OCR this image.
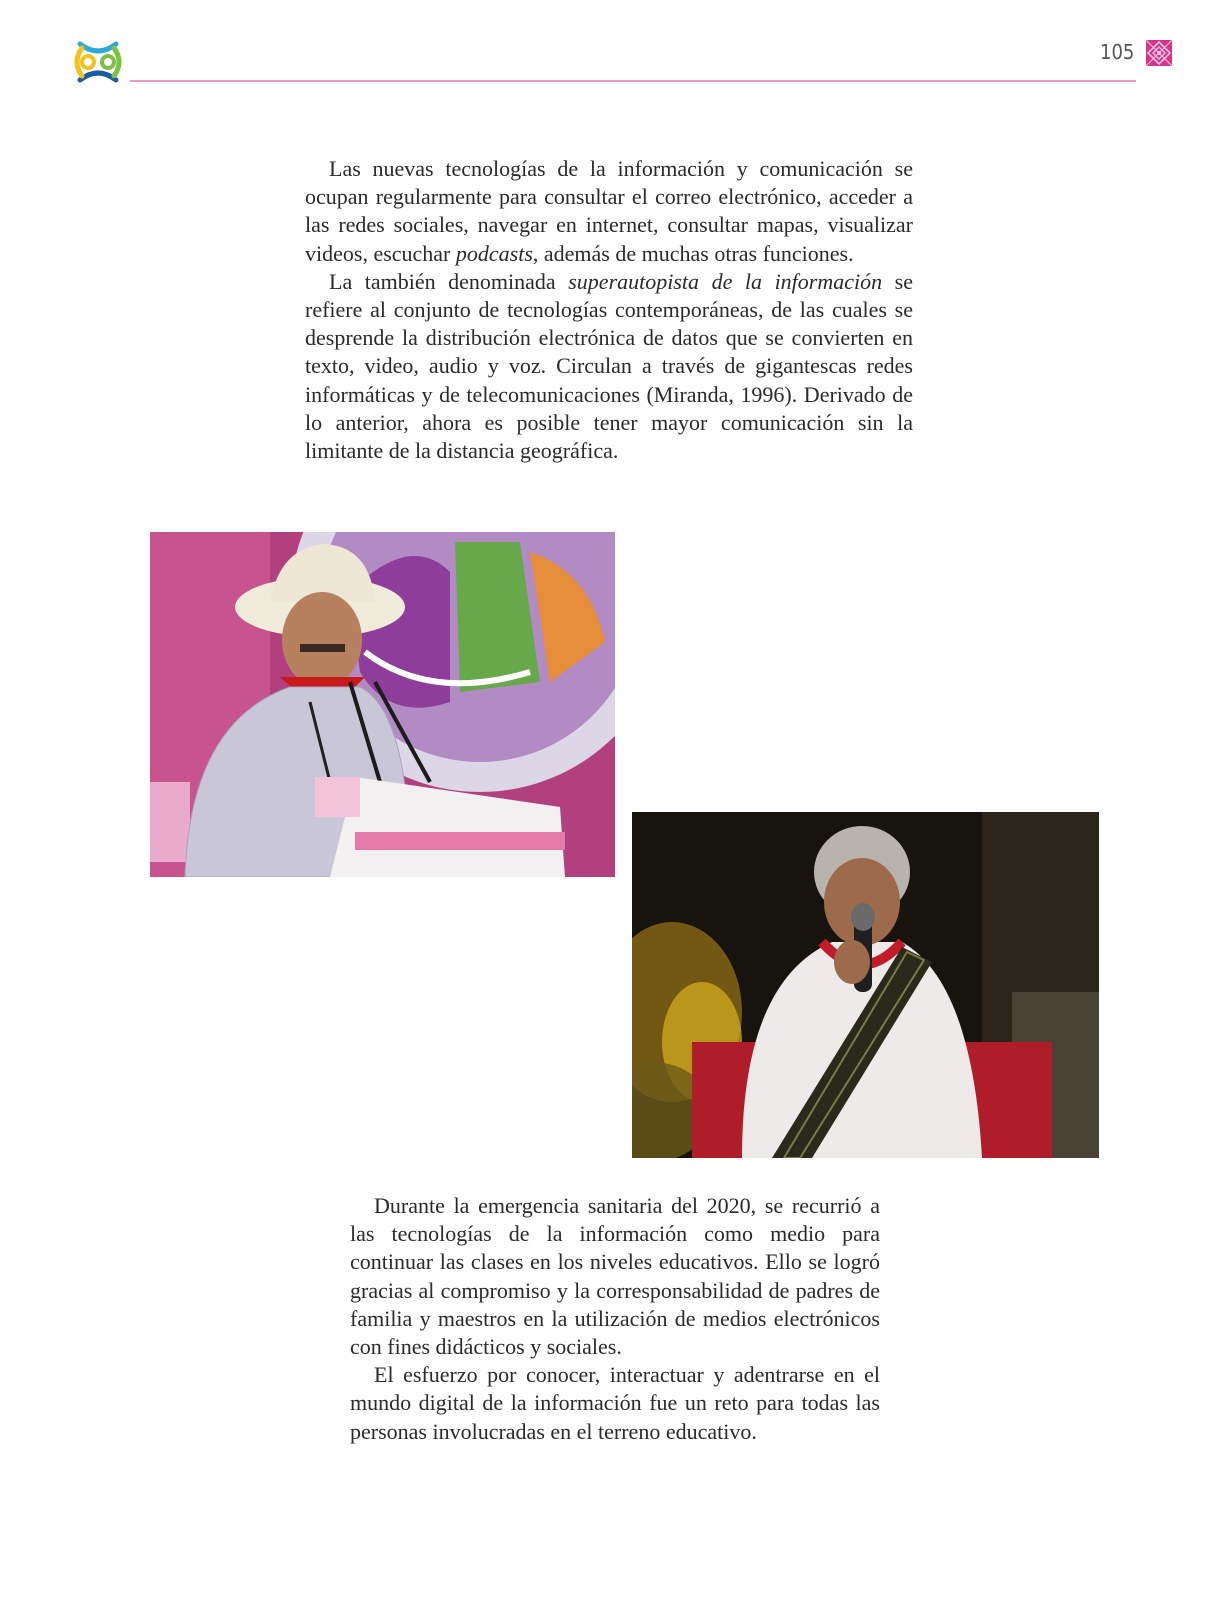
105

Las nuevas tecnologías de la información y comunicación se ocupan regularmente para consultar el correo electrónico, acceder a las redes sociales, navegar en internet, consultar mapas, visualizar videos, escuchar podcasts, además de muchas otras funciones.

La también denominada superautopista de la información se refiere al conjunto de tecnologías contemporáneas, de las cuales se desprende la distribución electrónica de datos que se convierten en texto, video, audio y voz. Circulan a través de gigantescas redes informáticas y de telecomunicaciones (Miranda, 1996). Derivado de lo anterior, ahora es posible tener mayor comunicación sin la limitante de la distancia geográfica.

Durante la emergencia sanitaria del 2020, se recurrió a las tecnologías de la información como medio para continuar las clases en los niveles educativos. Ello se logró gracias al compromiso y la corresponsabilidad de padres de familia y maestros en la utilización de medios electrónicos con fines didácticos y sociales.

El esfuerzo por conocer, interactuar y adentrarse en el mundo digital de la información fue un reto para todas las personas involucradas en el terreno educativo.
